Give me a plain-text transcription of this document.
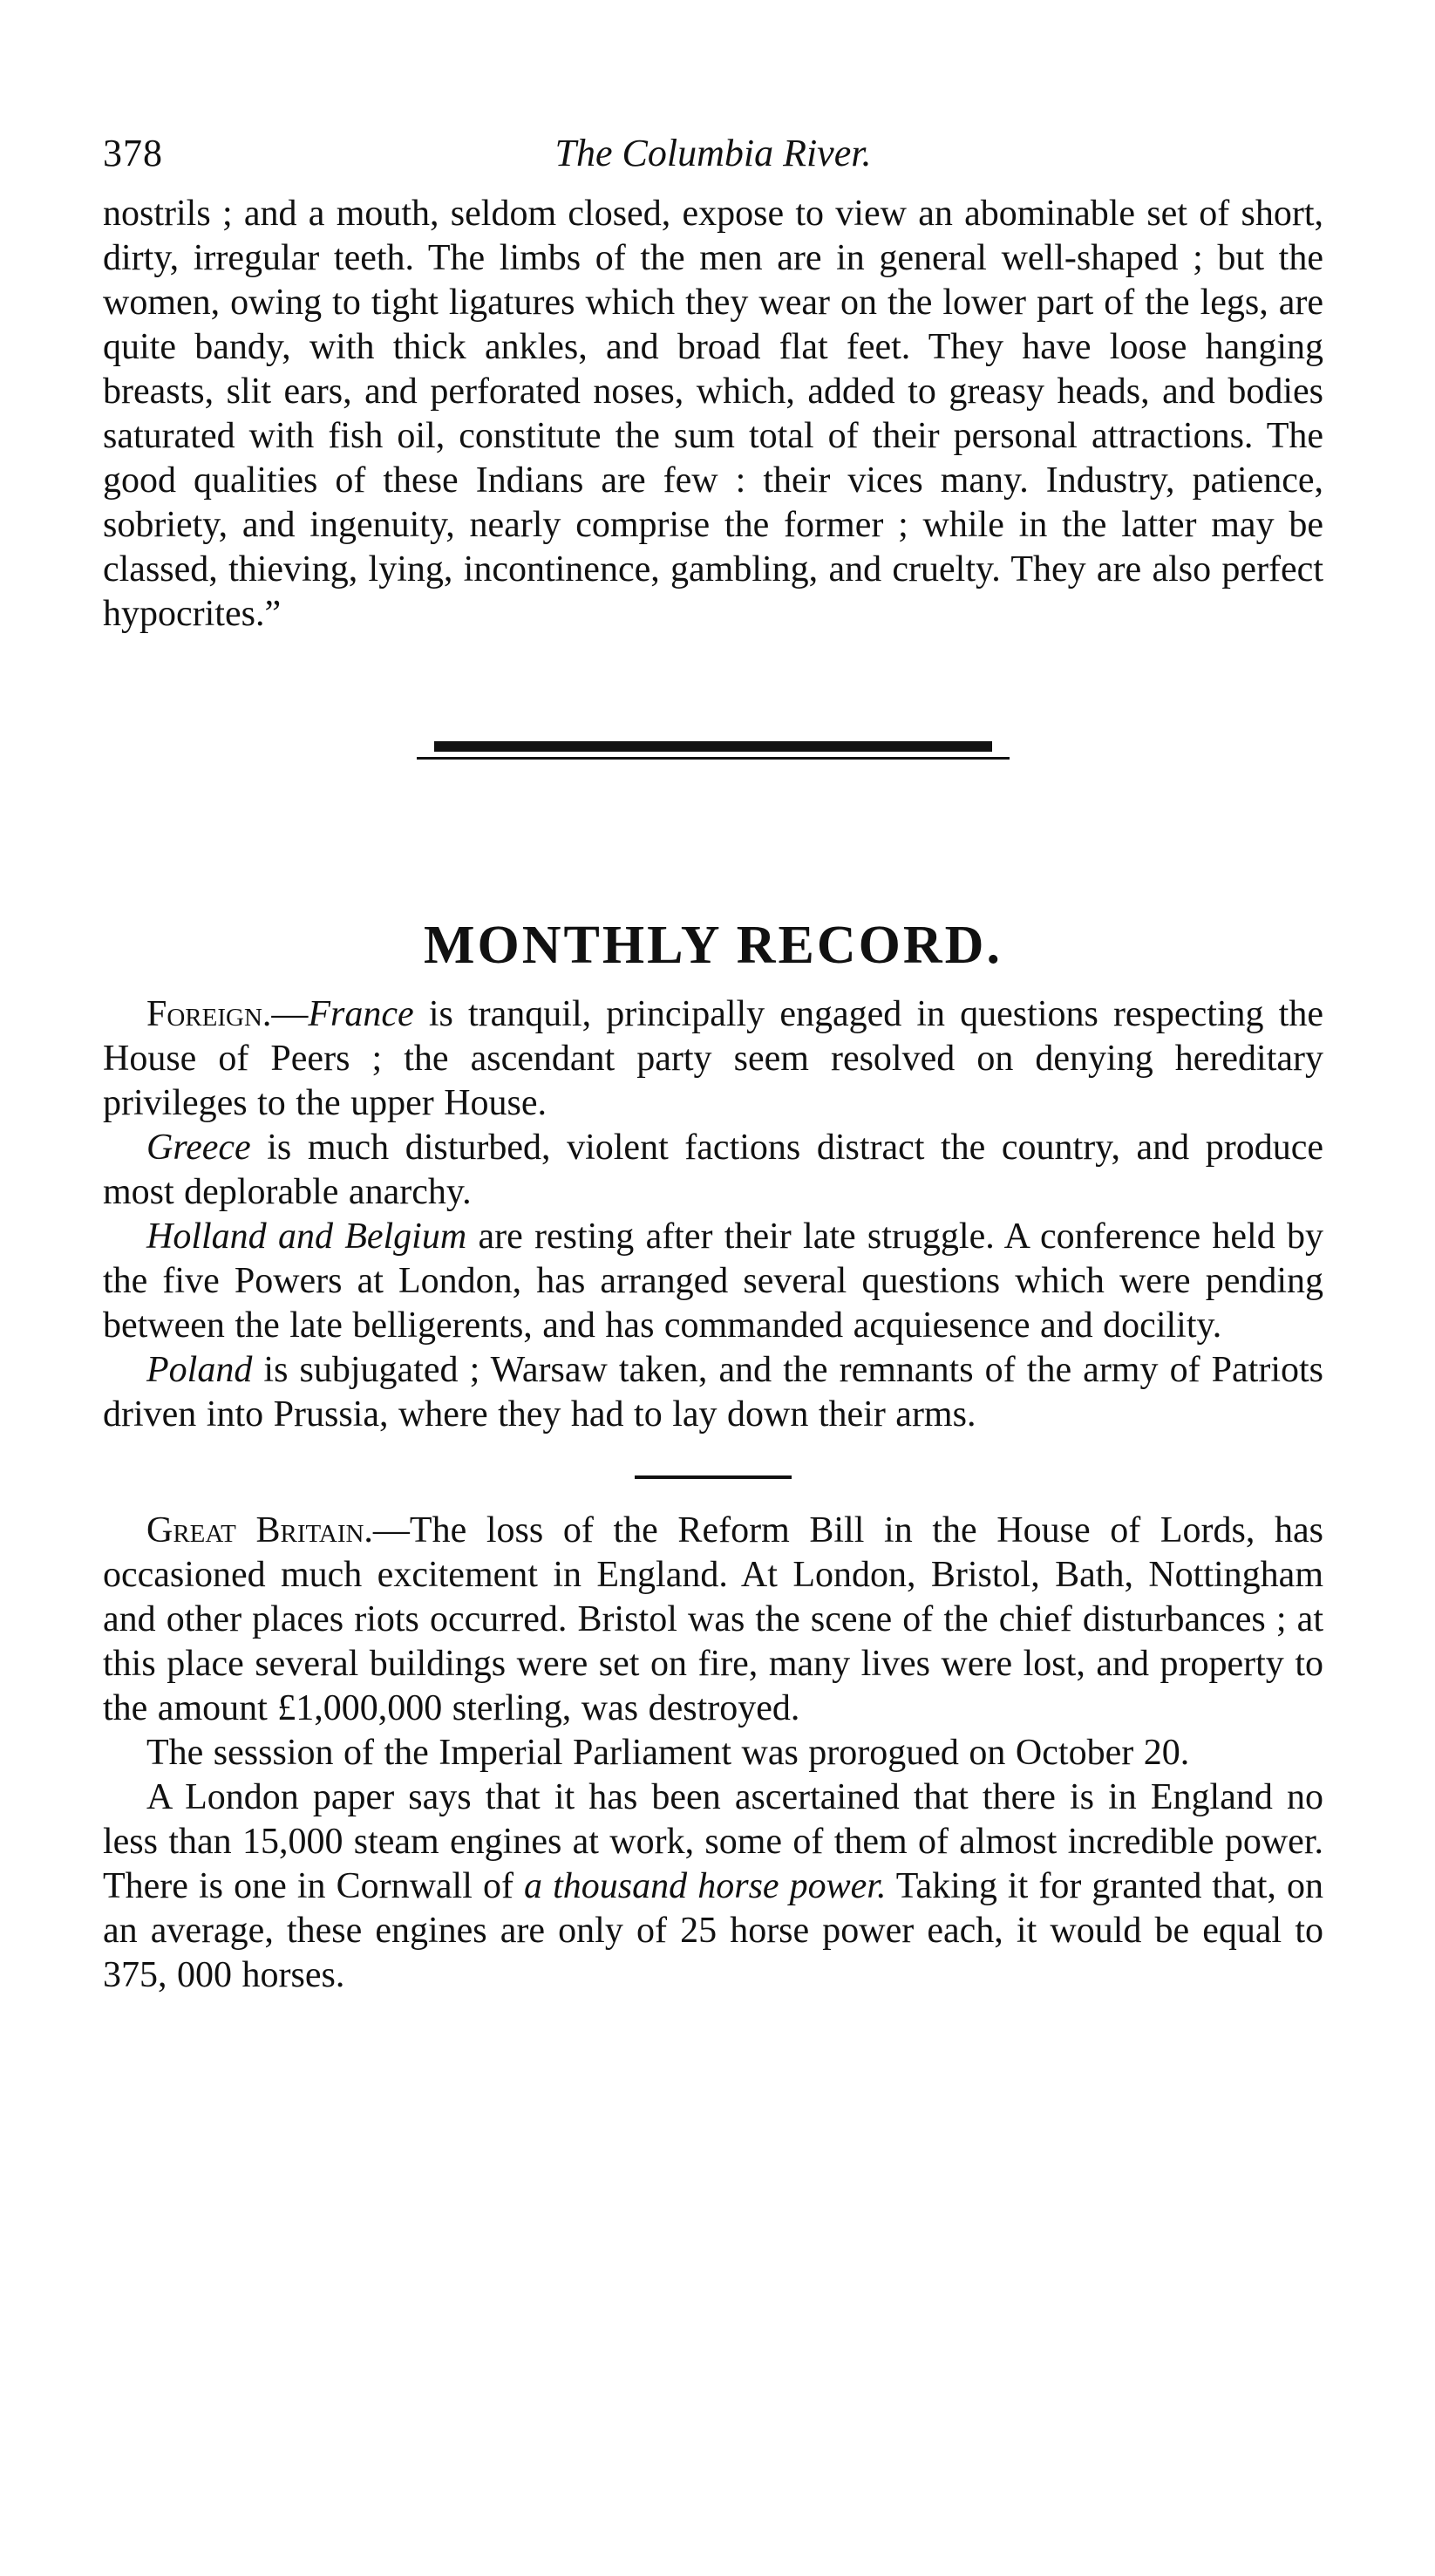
378	The Columbia River.

nostrils ; and a mouth, seldom closed, expose to view an abominable set of short, dirty, irregular teeth. The limbs of the men are in general well-shaped ; but the women, owing to tight ligatures which they wear on the lower part of the legs, are quite bandy, with thick ankles, and broad flat feet. They have loose hanging breasts, slit ears, and perforated noses, which, added to greasy heads, and bodies saturated with fish oil, constitute the sum total of their personal attractions. The good qualities of these Indians are few : their vices many. Industry, patience, sobriety, and ingenuity, nearly comprise the former ; while in the latter may be classed, thieving, lying, incontinence, gambling, and cruelty. They are also perfect hypocrites.”

MONTHLY RECORD.

Foreign.—France is tranquil, principally engaged in questions respecting the House of Peers ; the ascendant party seem resolved on denying hereditary privileges to the upper House.

Greece is much disturbed, violent factions distract the country, and produce most deplorable anarchy.

Holland and Belgium are resting after their late struggle. A conference held by the five Powers at London, has arranged several questions which were pending between the late belligerents, and has commanded acquiesence and docility.

Poland is subjugated ; Warsaw taken, and the remnants of the army of Patriots driven into Prussia, where they had to lay down their arms.

Great Britain.—The loss of the Reform Bill in the House of Lords, has occasioned much excitement in England. At London, Bristol, Bath, Nottingham and other places riots occurred. Bristol was the scene of the chief disturbances ; at this place several buildings were set on fire, many lives were lost, and property to the amount £1,000,000 sterling, was destroyed.

The sesssion of the Imperial Parliament was prorogued on October 20.

A London paper says that it has been ascertained that there is in England no less than 15,000 steam engines at work, some of them of almost incredible power. There is one in Cornwall of a thousand horse power. Taking it for granted that, on an average, these engines are only of 25 horse power each, it would be equal to 375, 000 horses.
